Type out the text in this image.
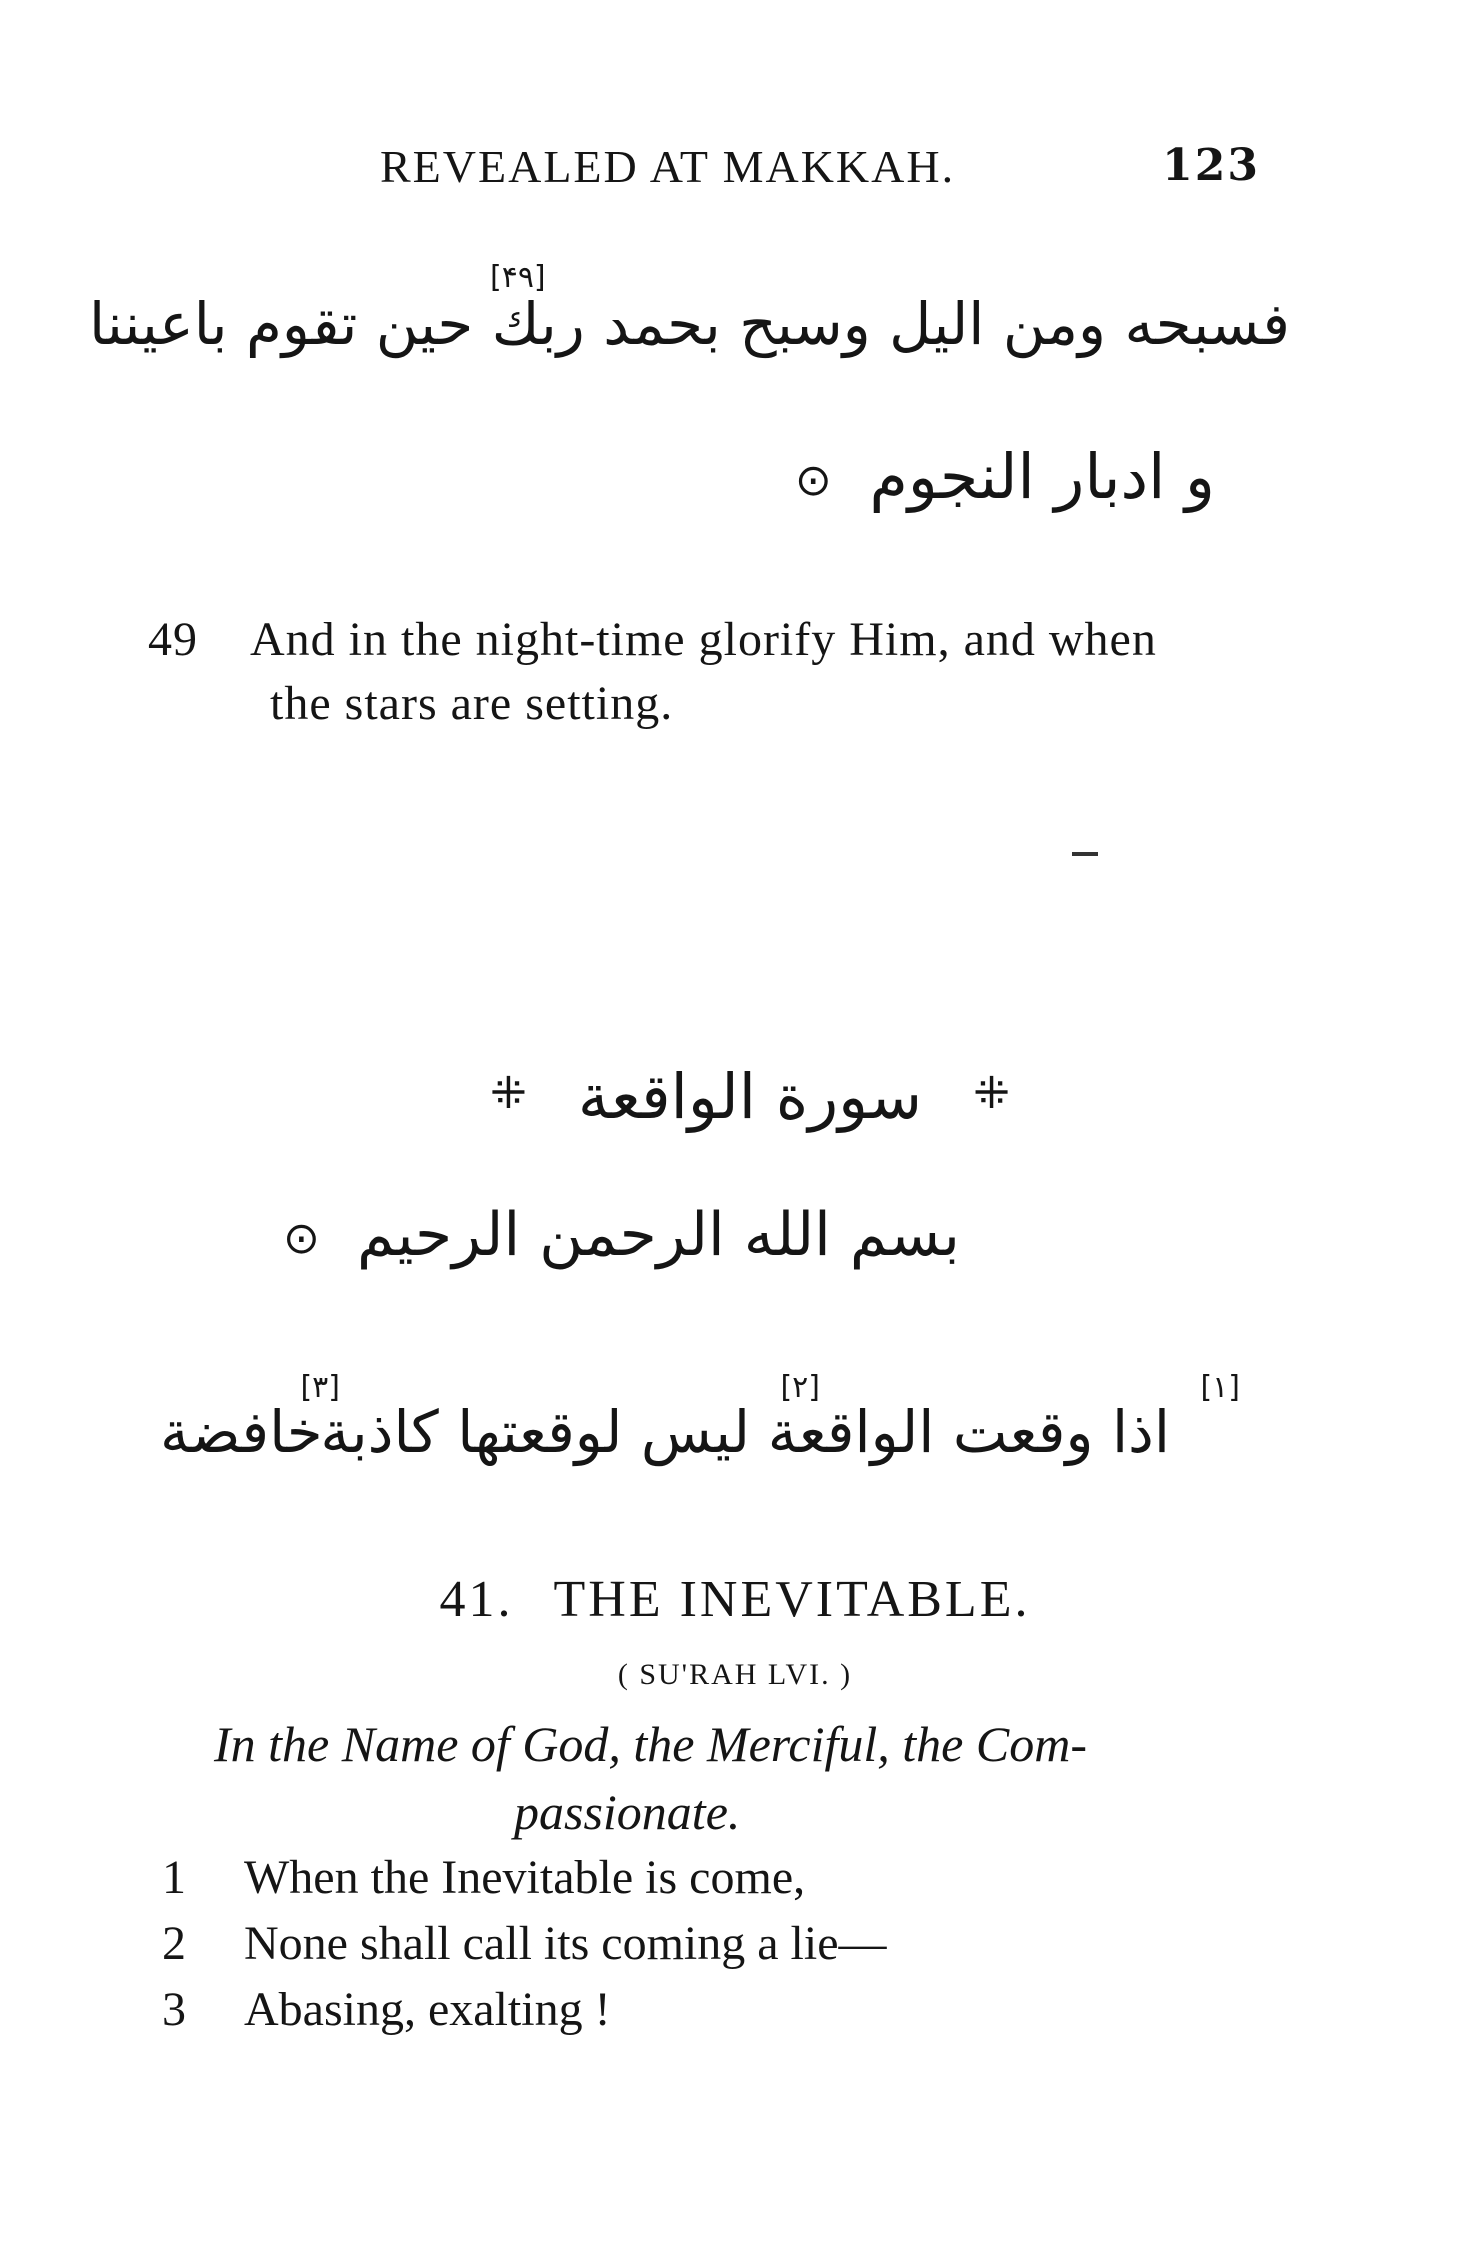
REVEALED AT MAKKAH.	123
فسبحه ومن الیل وسبح بحمد ربك حين تقوم باعيننا
[۴۹]
و ادبار النجوم ⊙
49 And in the night-time glorify Him, and when
the stars are setting.
⁜ سورة الواقعة ⁜
بسم الله الرحمن الرحيم ⊙
[١]
اذا وقعت الواقعة
[٢]
ليس لوقعتها كاذبة
[٣]
خافضة
41. THE INEVITABLE.
( SU'RAH LVI. )
In the Name of God, the Merciful, the Com-
passionate.
1 When the Inevitable is come,
2 None shall call its coming a lie—
3 Abasing, exalting !
